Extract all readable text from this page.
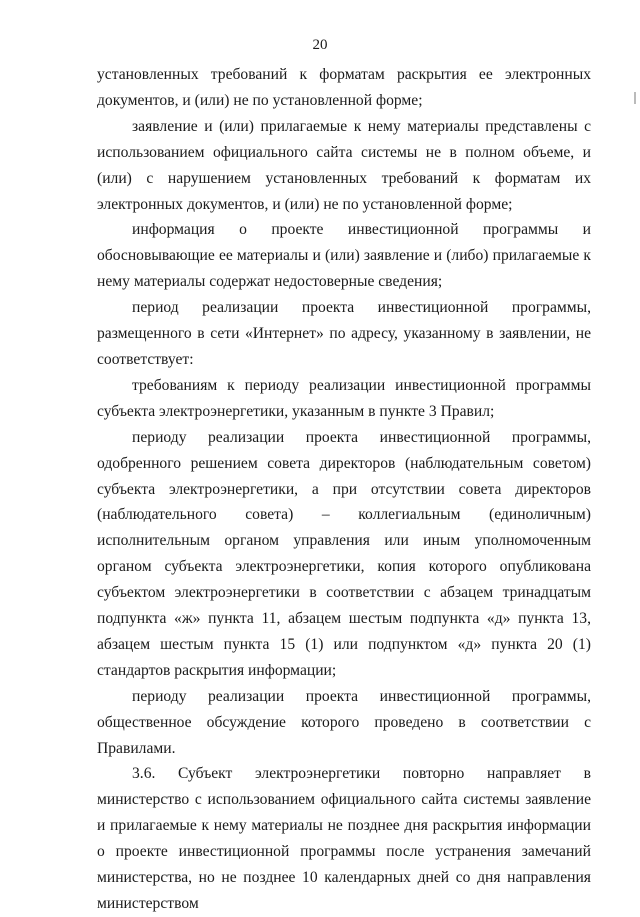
20

установленных требований к форматам раскрытия ее электронных документов, и (или) не по установленной форме;

заявление и (или) прилагаемые к нему материалы представлены с использованием официального сайта системы не в полном объеме, и (или) с нарушением установленных требований к форматам их электронных документов, и (или) не по установленной форме;

информация о проекте инвестиционной программы и обосновывающие ее материалы и (или) заявление и (либо) прилагаемые к нему материалы содержат недостоверные сведения;

период реализации проекта инвестиционной программы, размещенного в сети «Интернет» по адресу, указанному в заявлении, не соответствует:

требованиям к периоду реализации инвестиционной программы субъекта электроэнергетики, указанным в пункте 3 Правил;

периоду реализации проекта инвестиционной программы, одобренного решением совета директоров (наблюдательным советом) субъекта электроэнергетики, а при отсутствии совета директоров (наблюдательного совета) – коллегиальным (единоличным) исполнительным органом управления или иным уполномоченным органом субъекта электроэнергетики, копия которого опубликована субъектом электроэнергетики в соответствии с абзацем тринадцатым подпункта «ж» пункта 11, абзацем шестым подпункта «д» пункта 13, абзацем шестым пункта 15 (1) или подпунктом «д» пункта 20 (1) стандартов раскрытия информации;

периоду реализации проекта инвестиционной программы, общественное обсуждение которого проведено в соответствии с Правилами.

3.6. Субъект электроэнергетики повторно направляет в министерство с использованием официального сайта системы заявление и прилагаемые к нему материалы не позднее дня раскрытия информации о проекте инвестиционной программы после устранения замечаний министерства, но не позднее 10 календарных дней со дня направления министерством
